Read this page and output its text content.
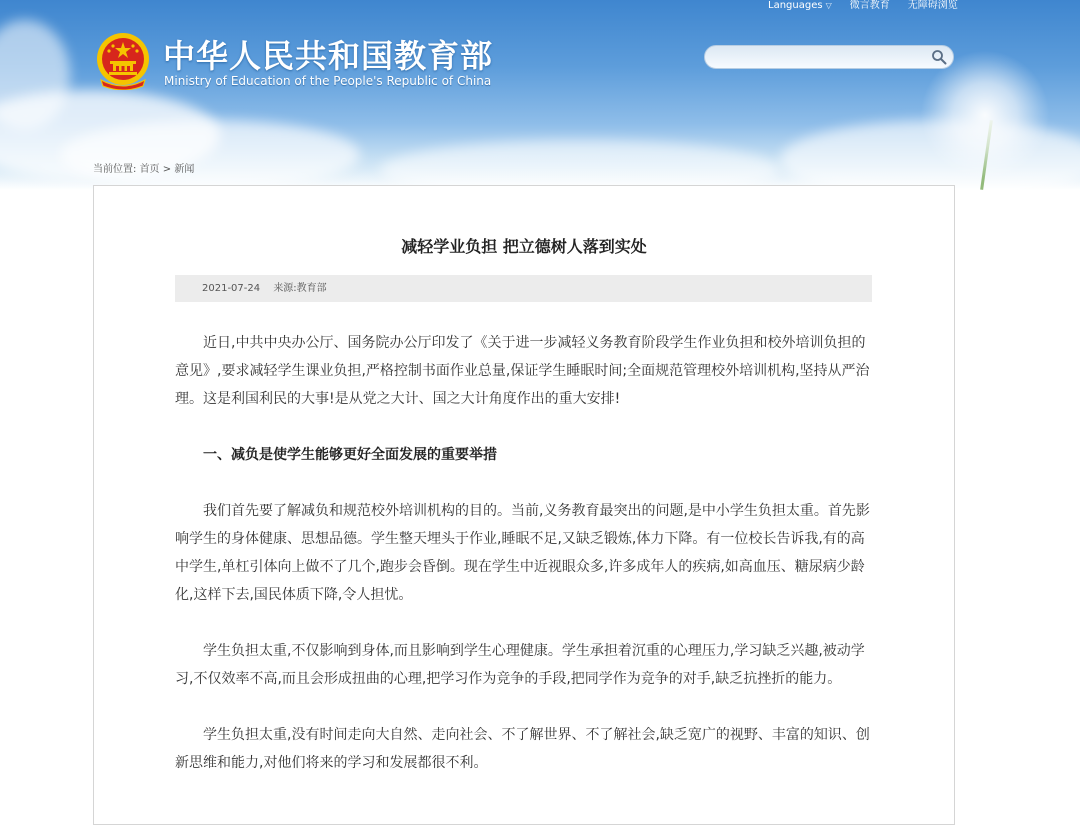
Languages ▽ 微言教育 无障碍浏览
中华人民共和国教育部
Ministry of Education of the People's Republic of China
当前位置: 首页 > 新闻
减轻学业负担 把立德树人落到实处
2021-07-24 来源:教育部

近日,中共中央办公厅、国务院办公厅印发了《关于进一步减轻义务教育阶段学生作业负担和校外培训负担的意见》,要求减轻学生课业负担,严格控制书面作业总量,保证学生睡眠时间;全面规范管理校外培训机构,坚持从严治理。这是利国利民的大事!是从党之大计、国之大计角度作出的重大安排!

一、减负是使学生能够更好全面发展的重要举措

我们首先要了解减负和规范校外培训机构的目的。当前,义务教育最突出的问题,是中小学生负担太重。首先影响学生的身体健康、思想品德。学生整天埋头于作业,睡眠不足,又缺乏锻炼,体力下降。有一位校长告诉我,有的高中学生,单杠引体向上做不了几个,跑步会昏倒。现在学生中近视眼众多,许多成年人的疾病,如高血压、糖尿病少龄化,这样下去,国民体质下降,令人担忧。

学生负担太重,不仅影响到身体,而且影响到学生心理健康。学生承担着沉重的心理压力,学习缺乏兴趣,被动学习,不仅效率不高,而且会形成扭曲的心理,把学习作为竞争的手段,把同学作为竞争的对手,缺乏抗挫折的能力。

学生负担太重,没有时间走向大自然、走向社会、不了解世界、不了解社会,缺乏宽广的视野、丰富的知识、创新思维和能力,对他们将来的学习和发展都很不利。
